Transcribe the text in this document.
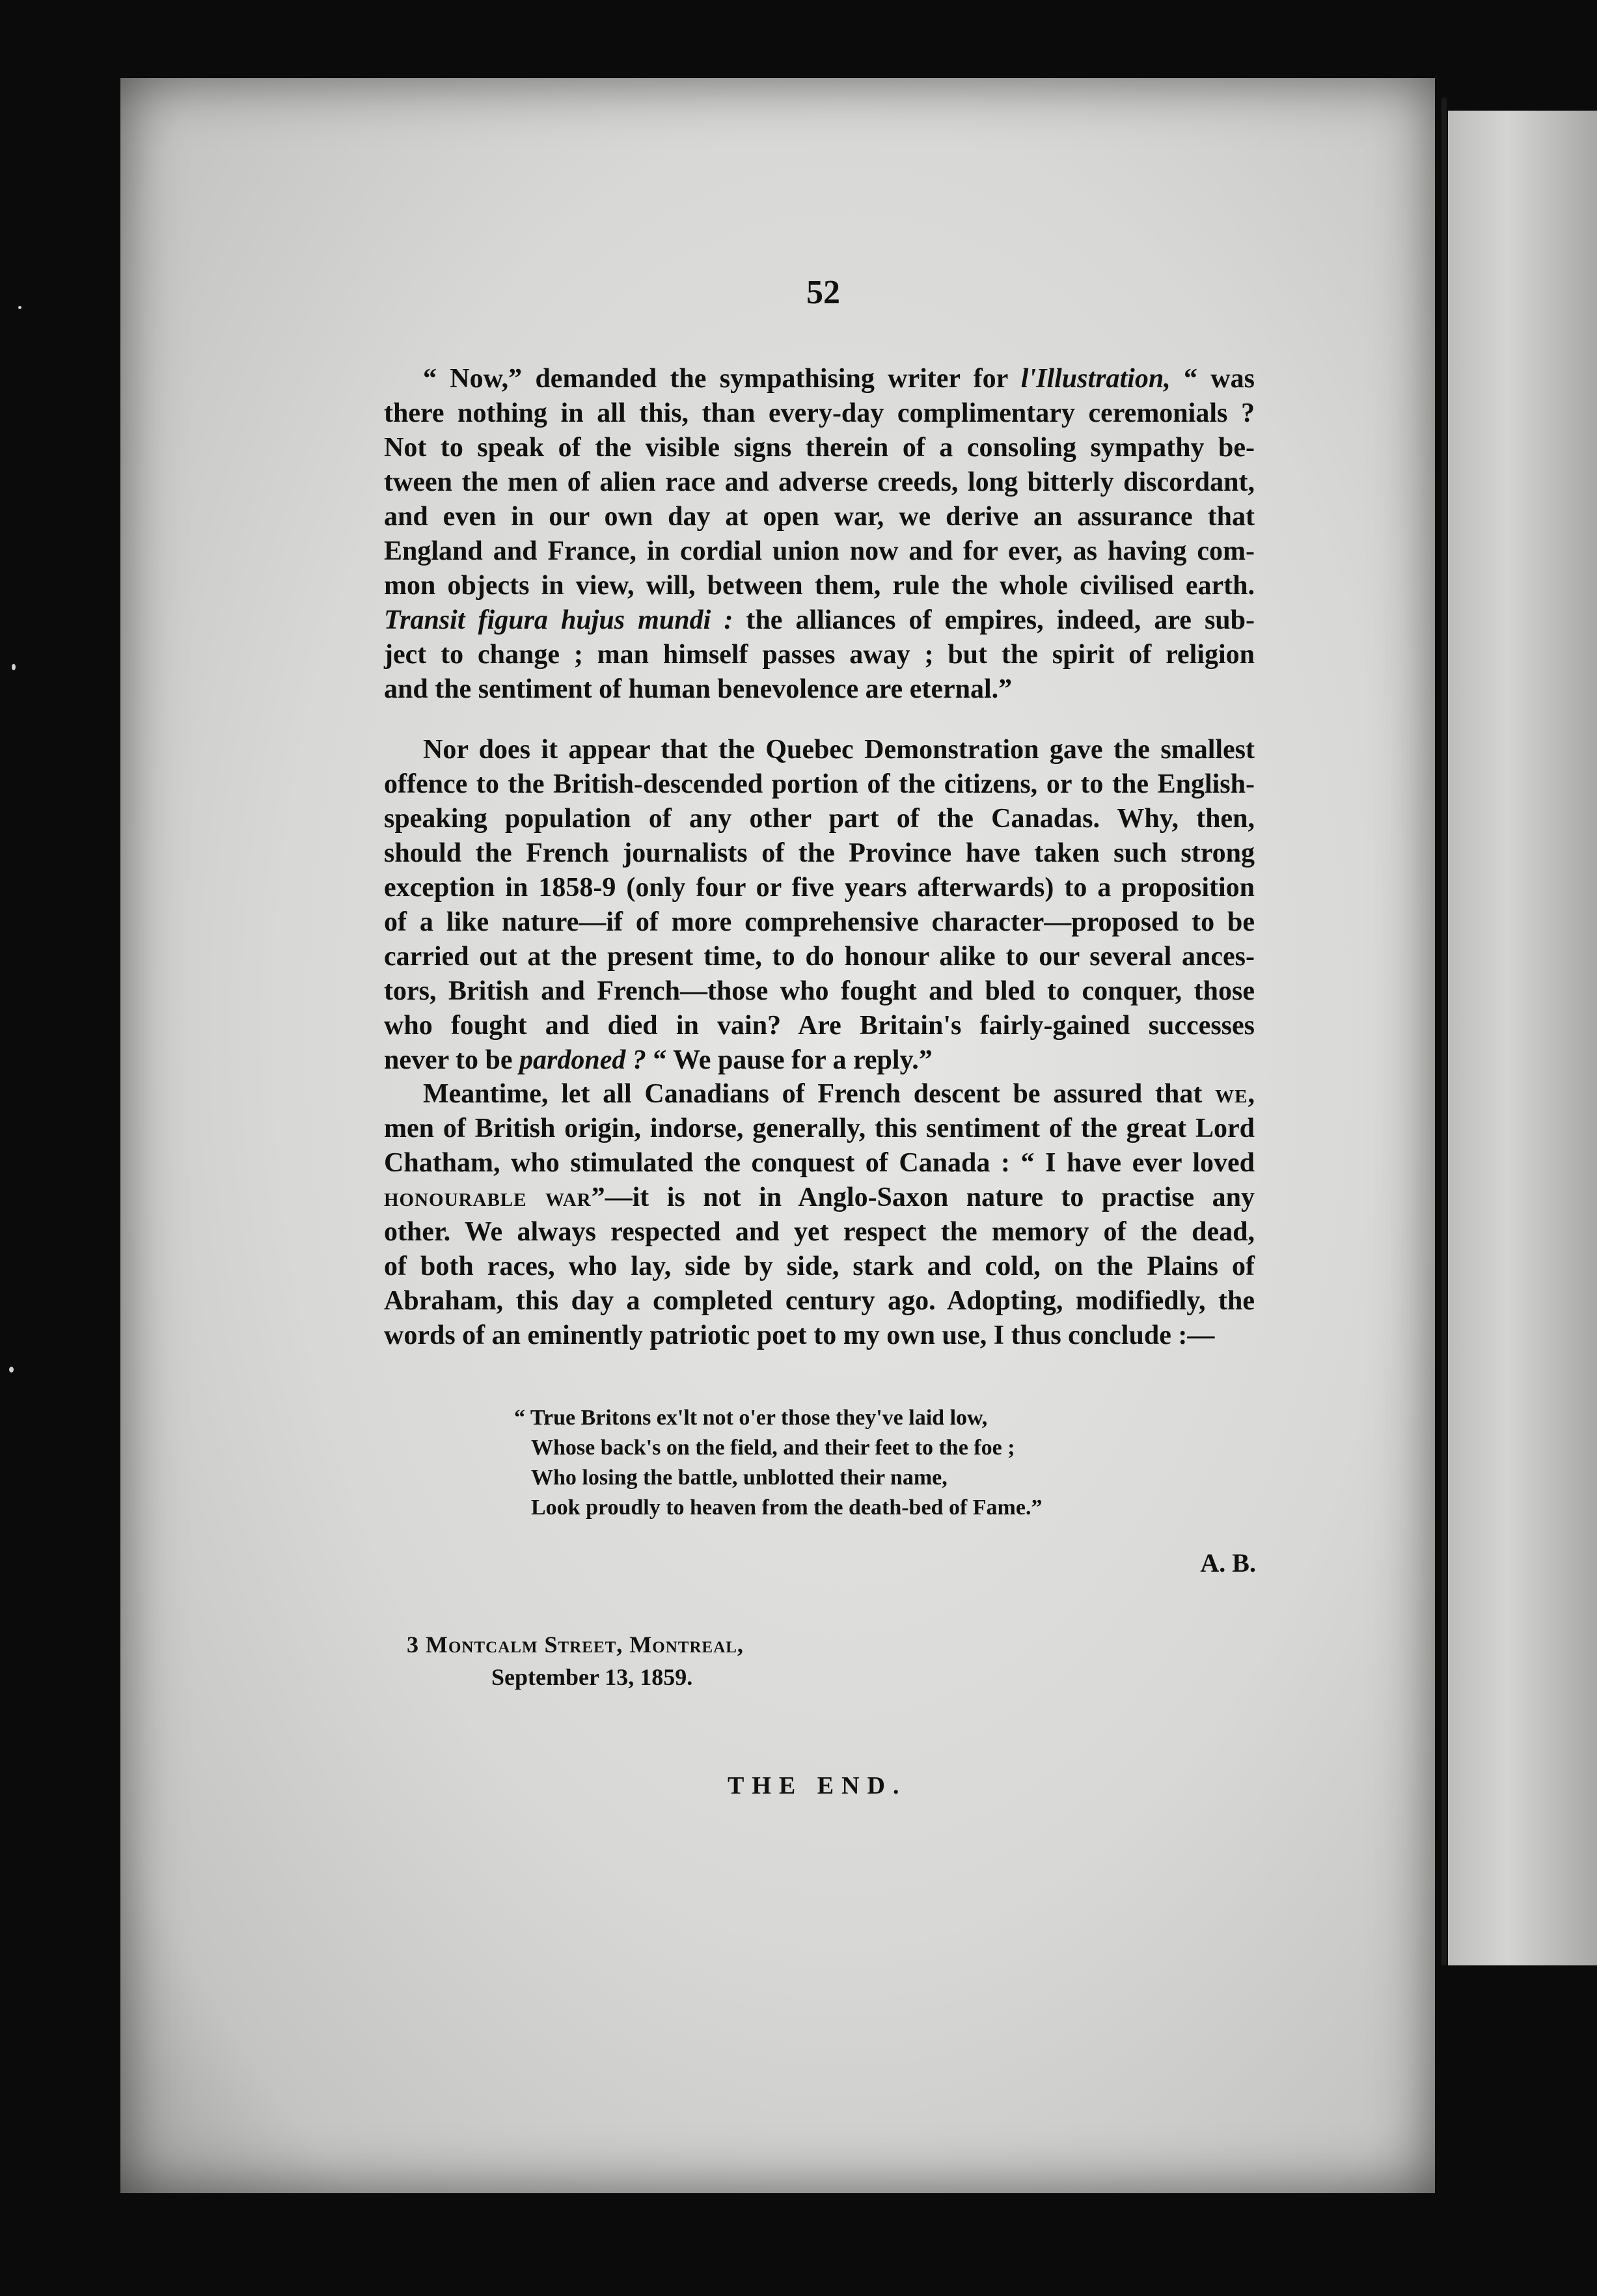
52
“ Now,” demanded the sympathising writer for l'Illustration, “ was
there nothing in all this, than every-day complimentary ceremonials ?
Not to speak of the visible signs therein of a consoling sympathy be-
tween the men of alien race and adverse creeds, long bitterly discordant,
and even in our own day at open war, we derive an assurance that
England and France, in cordial union now and for ever, as having com-
mon objects in view, will, between them, rule the whole civilised earth.
Transit figura hujus mundi : the alliances of empires, indeed, are sub-
ject to change ; man himself passes away ; but the spirit of religion
and the sentiment of human benevolence are eternal.”
Nor does it appear that the Quebec Demonstration gave the smallest
offence to the British-descended portion of the citizens, or to the English-
speaking population of any other part of the Canadas. Why, then,
should the French journalists of the Province have taken such strong
exception in 1858-9 (only four or five years afterwards) to a proposition
of a like nature—if of more comprehensive character—proposed to be
carried out at the present time, to do honour alike to our several ances-
tors, British and French—those who fought and bled to conquer, those
who fought and died in vain? Are Britain's fairly-gained successes
never to be pardoned ? “ We pause for a reply.”
Meantime, let all Canadians of French descent be assured that we,
men of British origin, indorse, generally, this sentiment of the great Lord
Chatham, who stimulated the conquest of Canada : “ I have ever loved
honourable war”—it is not in Anglo-Saxon nature to practise any
other. We always respected and yet respect the memory of the dead,
of both races, who lay, side by side, stark and cold, on the Plains of
Abraham, this day a completed century ago. Adopting, modifiedly, the
words of an eminently patriotic poet to my own use, I thus conclude :—
“ True Britons ex'lt not o'er those they've laid low,
Whose back's on the field, and their feet to the foe ;
Who losing the battle, unblotted their name,
Look proudly to heaven from the death-bed of Fame.”
A. B.
3 Montcalm Street, Montreal,
September 13, 1859.
THE END.
